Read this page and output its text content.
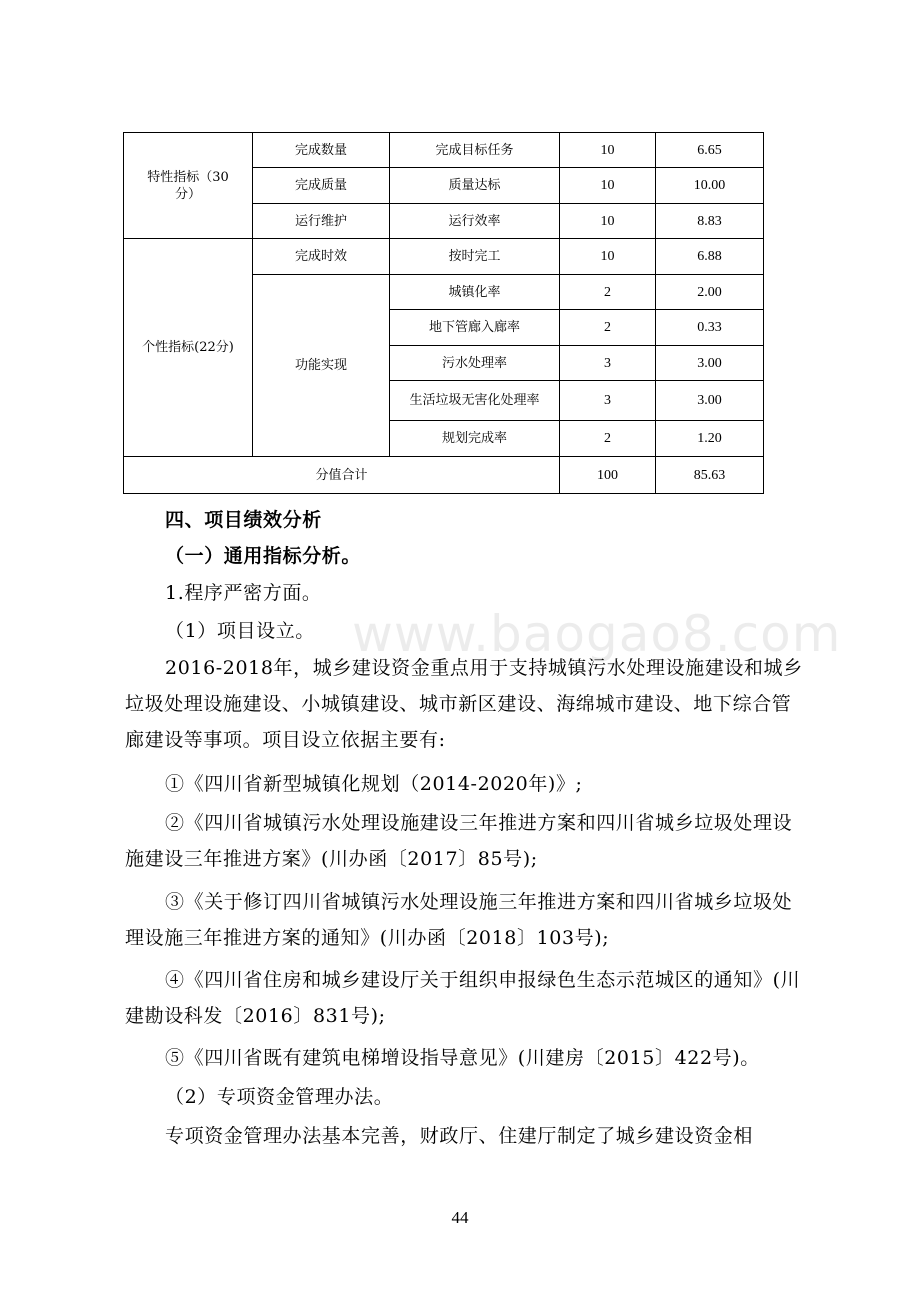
特性指标（30分）	完成数量	完成目标任务	10	6.65
	完成质量	质量达标	10	10.00
	运行维护	运行效率	10	8.83
个性指标(22分)	完成时效	按时完工	10	6.88
	功能实现	城镇化率	2	2.00
		地下管廊入廊率	2	0.33
		污水处理率	3	3.00
		生活垃圾无害化处理率	3	3.00
		规划完成率	2	1.20
分值合计			100	85.63

四、项目绩效分析

（一）通用指标分析。

1.程序严密方面。

（1）项目设立。

2016-2018年，城乡建设资金重点用于支持城镇污水处理设施建设和城乡垃圾处理设施建设、小城镇建设、城市新区建设、海绵城市建设、地下综合管廊建设等事项。项目设立依据主要有:

①《四川省新型城镇化规划（2014-2020年)》;

②《四川省城镇污水处理设施建设三年推进方案和四川省城乡垃圾处理设施建设三年推进方案》(川办函〔2017〕85号);

③《关于修订四川省城镇污水处理设施三年推进方案和四川省城乡垃圾处理设施三年推进方案的通知》(川办函〔2018〕103号);

④《四川省住房和城乡建设厅关于组织申报绿色生态示范城区的通知》(川建勘设科发〔2016〕831号);

⑤《四川省既有建筑电梯增设指导意见》(川建房〔2015〕422号)。

（2）专项资金管理办法。

专项资金管理办法基本完善，财政厅、住建厅制定了城乡建设资金相

www.baogao8.com
44
